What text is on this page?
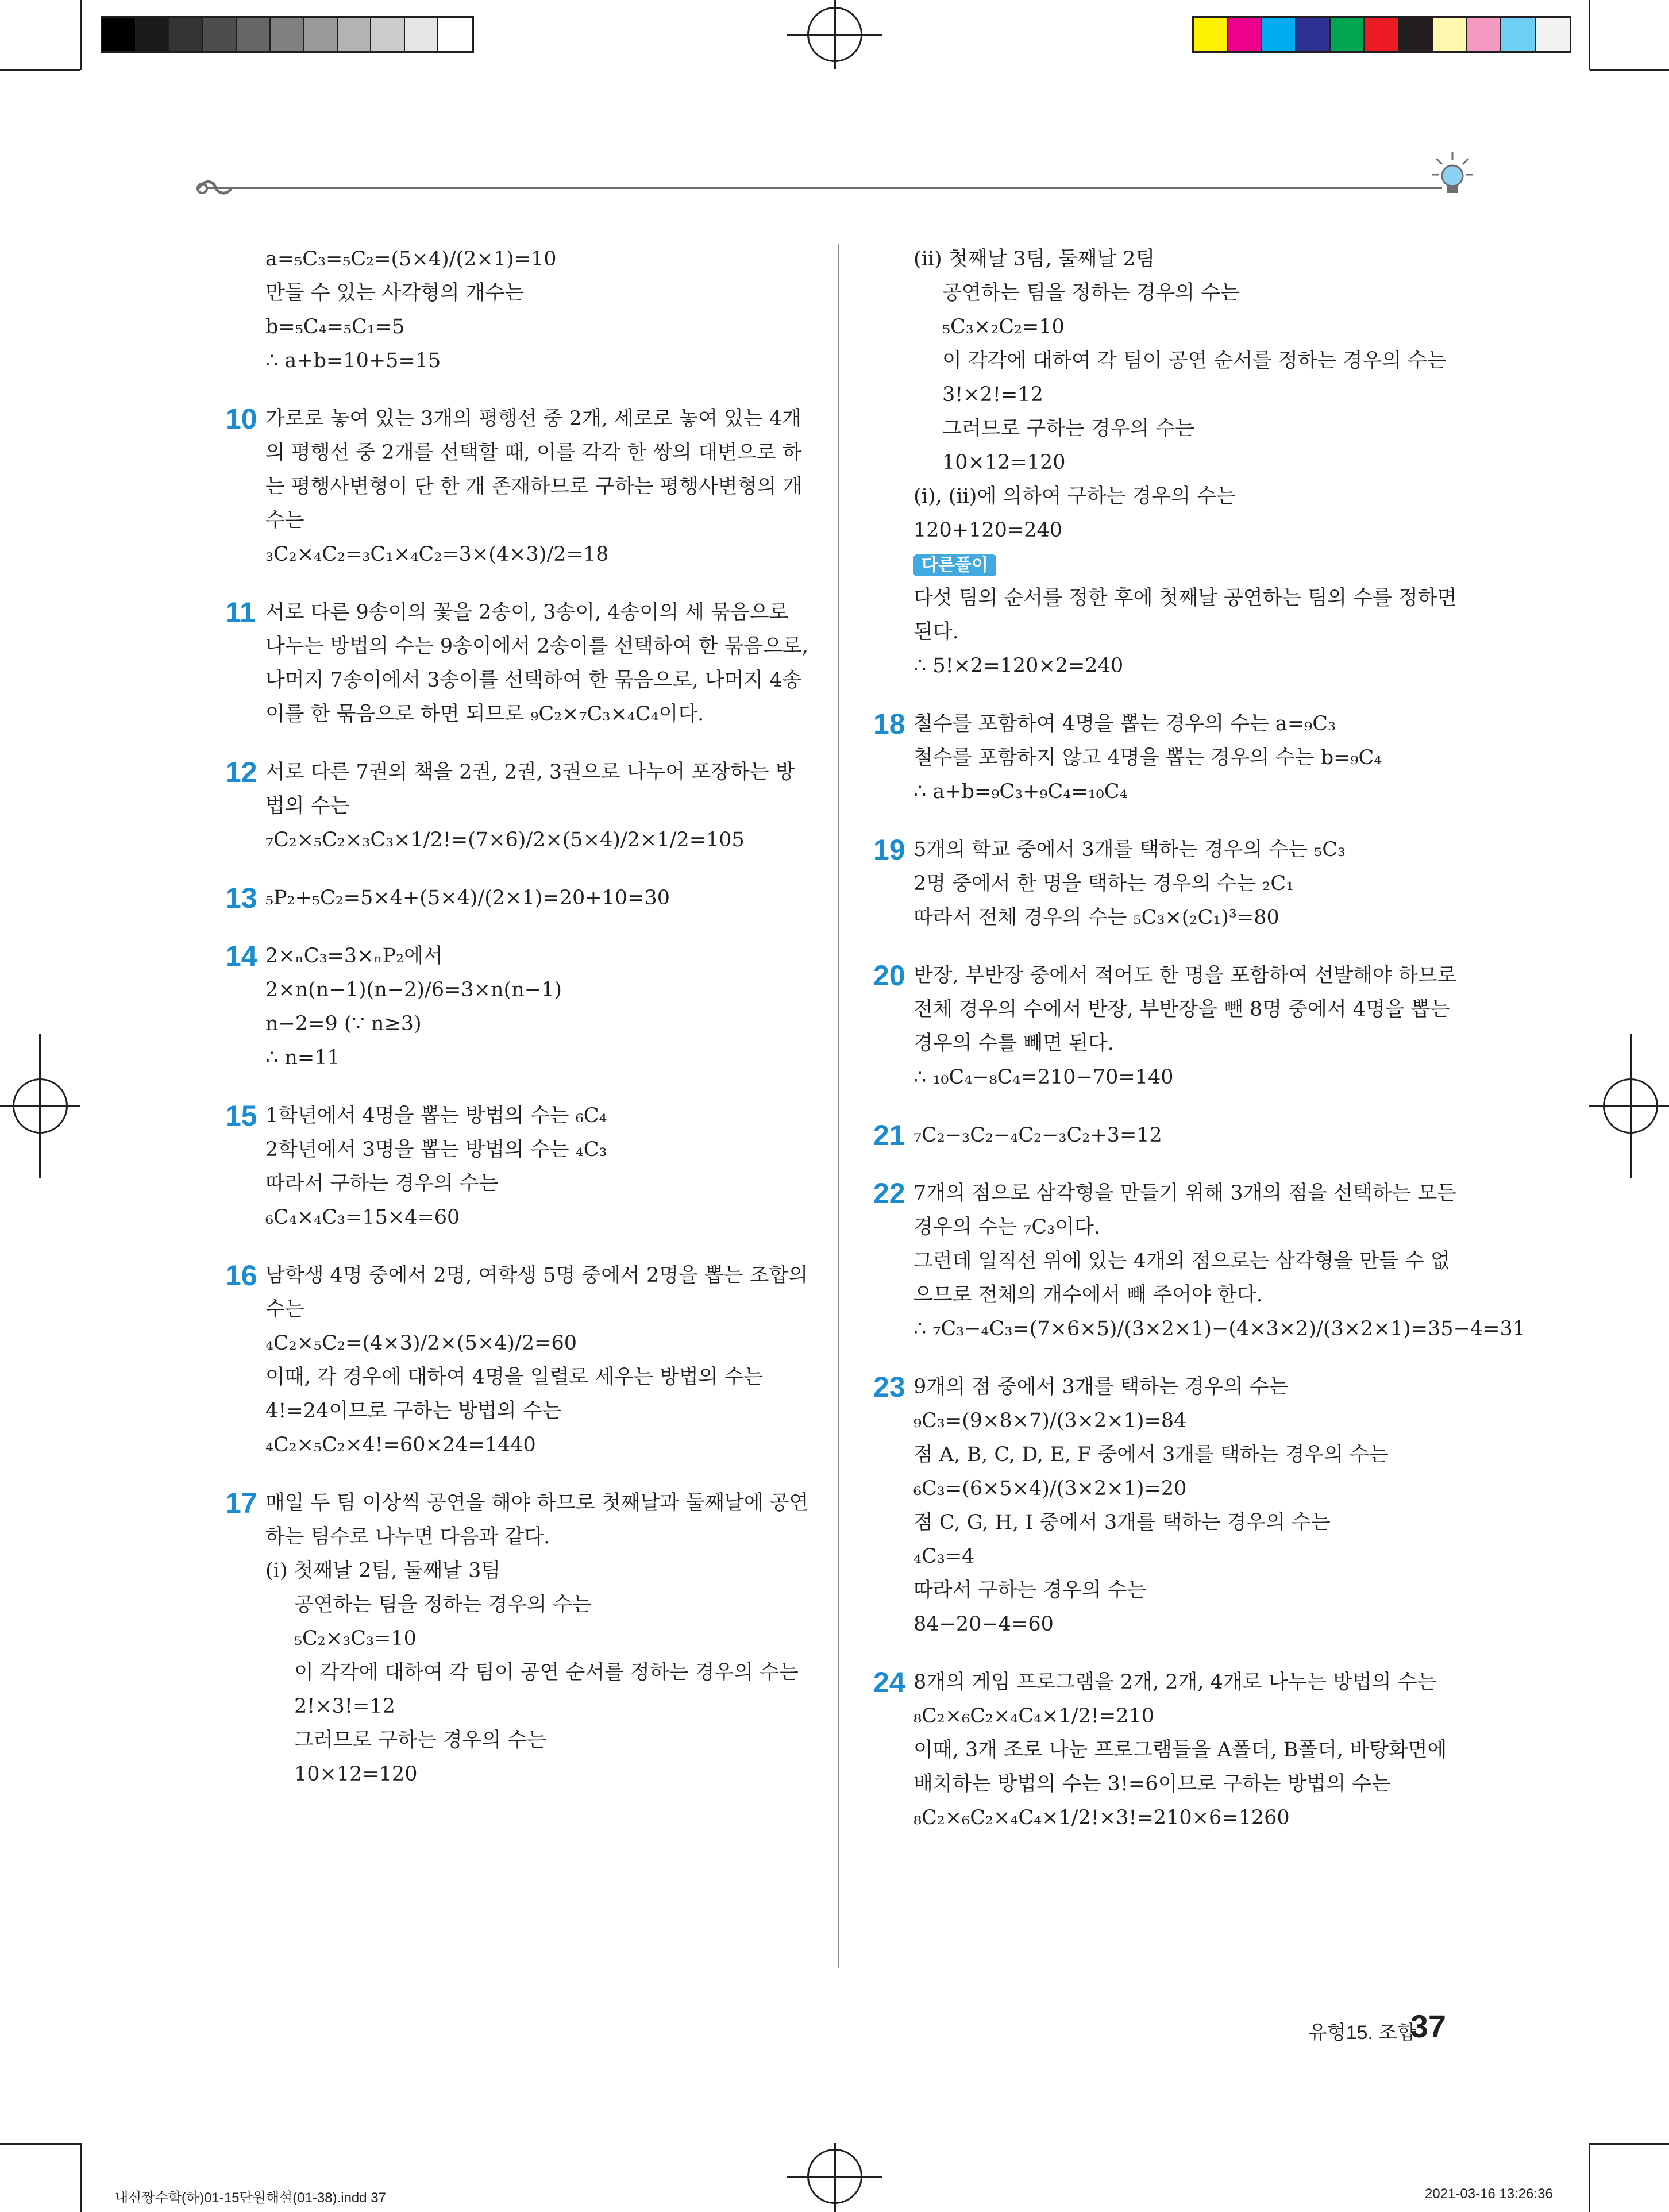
a=₅C₃=₅C₂=(5×4)/(2×1)=10
만들 수 있는 사각형의 개수는
b=₅C₄=₅C₁=5
∴ a+b=10+5=15
10 가로로 놓여 있는 3개의 평행선 중 2개, 세로로 놓여 있는 4개
의 평행선 중 2개를 선택할 때, 이를 각각 한 쌍의 대변으로 하
는 평행사변형이 단 한 개 존재하므로 구하는 평행사변형의 개
수는
₃C₂×₄C₂=₃C₁×₄C₂=3×(4×3)/2=18
11 서로 다른 9송이의 꽃을 2송이, 3송이, 4송이의 세 묶음으로
나누는 방법의 수는 9송이에서 2송이를 선택하여 한 묶음으로,
나머지 7송이에서 3송이를 선택하여 한 묶음으로, 나머지 4송
이를 한 묶음으로 하면 되므로 ₉C₂×₇C₃×₄C₄이다.
12 서로 다른 7권의 책을 2권, 2권, 3권으로 나누어 포장하는 방
법의 수는
₇C₂×₅C₂×₃C₃×1/2!=(7×6)/2×(5×4)/2×1/2=105
13 ₅P₂+₅C₂=5×4+(5×4)/(2×1)=20+10=30
14 2×ₙC₃=3×ₙP₂에서
2×n(n−1)(n−2)/6=3×n(n−1)
n−2=9 (∵ n≥3)
∴ n=11
15 1학년에서 4명을 뽑는 방법의 수는 ₆C₄
2학년에서 3명을 뽑는 방법의 수는 ₄C₃
따라서 구하는 경우의 수는
₆C₄×₄C₃=15×4=60
16 남학생 4명 중에서 2명, 여학생 5명 중에서 2명을 뽑는 조합의
수는
₄C₂×₅C₂=(4×3)/2×(5×4)/2=60
이때, 각 경우에 대하여 4명을 일렬로 세우는 방법의 수는
4!=24이므로 구하는 방법의 수는
₄C₂×₅C₂×4!=60×24=1440
17 매일 두 팀 이상씩 공연을 해야 하므로 첫째날과 둘째날에 공연
하는 팀수로 나누면 다음과 같다.
(i) 첫째날 2팀, 둘째날 3팀
공연하는 팀을 정하는 경우의 수는
₅C₂×₃C₃=10
이 각각에 대하여 각 팀이 공연 순서를 정하는 경우의 수는
2!×3!=12
그러므로 구하는 경우의 수는
10×12=120
(ii) 첫째날 3팀, 둘째날 2팀
공연하는 팀을 정하는 경우의 수는
₅C₃×₂C₂=10
이 각각에 대하여 각 팀이 공연 순서를 정하는 경우의 수는
3!×2!=12
그러므로 구하는 경우의 수는
10×12=120
(i), (ii)에 의하여 구하는 경우의 수는
120+120=240
다른풀이
다섯 팀의 순서를 정한 후에 첫째날 공연하는 팀의 수를 정하면
된다.
∴ 5!×2=120×2=240
18 철수를 포함하여 4명을 뽑는 경우의 수는 a=₉C₃
철수를 포함하지 않고 4명을 뽑는 경우의 수는 b=₉C₄
∴ a+b=₉C₃+₉C₄=₁₀C₄
19 5개의 학교 중에서 3개를 택하는 경우의 수는 ₅C₃
2명 중에서 한 명을 택하는 경우의 수는 ₂C₁
따라서 전체 경우의 수는 ₅C₃×(₂C₁)³=80
20 반장, 부반장 중에서 적어도 한 명을 포함하여 선발해야 하므로
전체 경우의 수에서 반장, 부반장을 뺀 8명 중에서 4명을 뽑는
경우의 수를 빼면 된다.
∴ ₁₀C₄−₈C₄=210−70=140
21 ₇C₂−₃C₂−₄C₂−₃C₂+3=12
22 7개의 점으로 삼각형을 만들기 위해 3개의 점을 선택하는 모든
경우의 수는 ₇C₃이다.
그런데 일직선 위에 있는 4개의 점으로는 삼각형을 만들 수 없
으므로 전체의 개수에서 빼 주어야 한다.
∴ ₇C₃−₄C₃=(7×6×5)/(3×2×1)−(4×3×2)/(3×2×1)=35−4=31
23 9개의 점 중에서 3개를 택하는 경우의 수는
₉C₃=(9×8×7)/(3×2×1)=84
점 A, B, C, D, E, F 중에서 3개를 택하는 경우의 수는
₆C₃=(6×5×4)/(3×2×1)=20
점 C, G, H, I 중에서 3개를 택하는 경우의 수는
₄C₃=4
따라서 구하는 경우의 수는
84−20−4=60
24 8개의 게임 프로그램을 2개, 2개, 4개로 나누는 방법의 수는
₈C₂×₆C₂×₄C₄×1/2!=210
이때, 3개 조로 나눈 프로그램들을 A폴더, B폴더, 바탕화면에
배치하는 방법의 수는 3!=6이므로 구하는 방법의 수는
₈C₂×₆C₂×₄C₄×1/2!×3!=210×6=1260
유형15. 조합
37
내신짱수학(하)01-15단원해설(01-38).indd 37	2021-03-16 13:26:36
